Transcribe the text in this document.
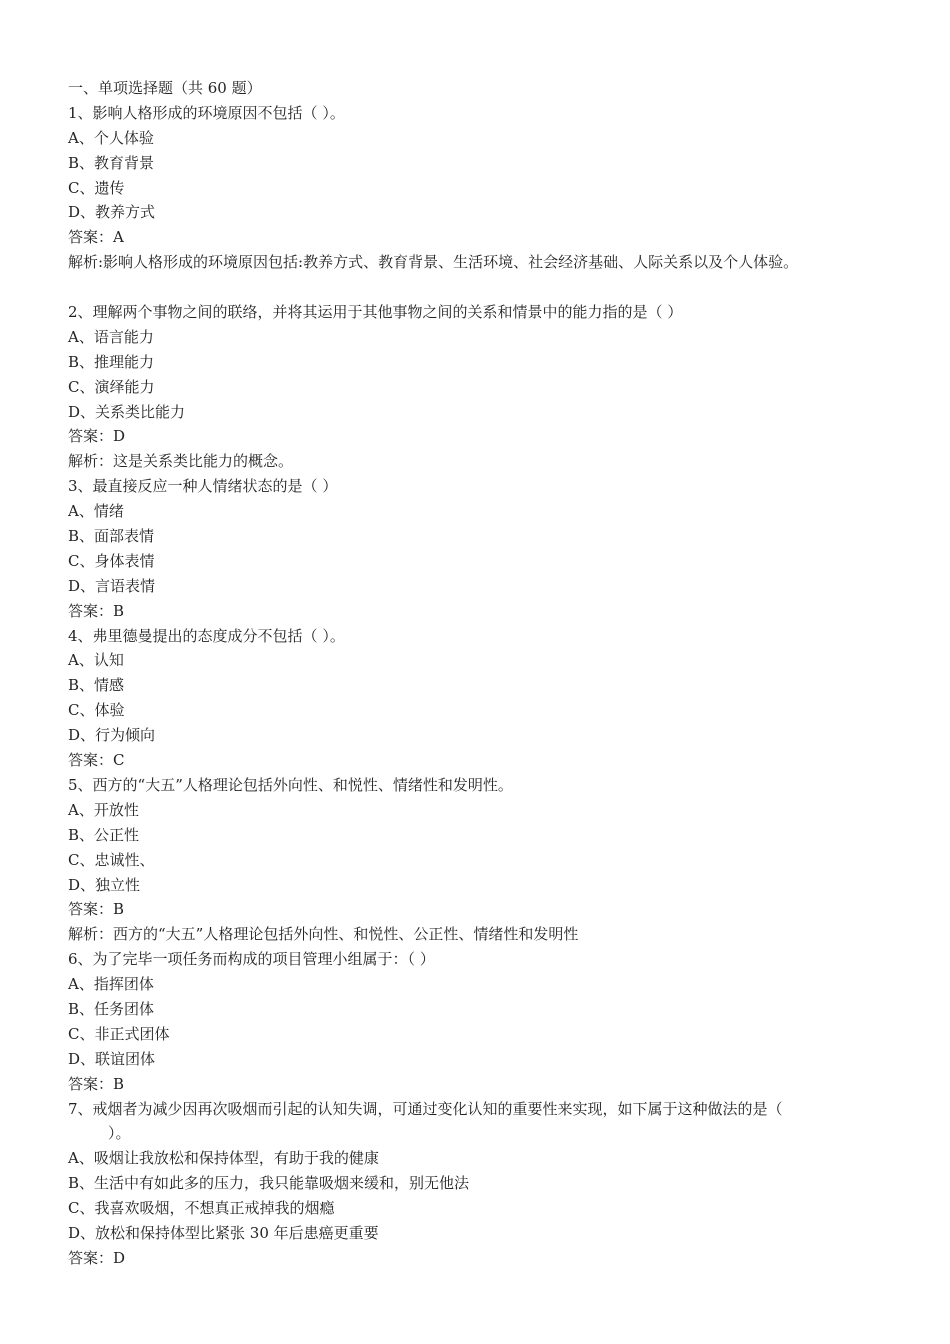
一、单项选择题（共 60 题）
1、影响人格形成的环境原因不包括（ ）。
A、个人体验
B、教育背景
C、遗传
D、教养方式
答案：A
解析:影响人格形成的环境原因包括:教养方式、教育背景、生活环境、社会经济基础、人际关系以及个人体验。
2、理解两个事物之间的联络，并将其运用于其他事物之间的关系和情景中的能力指的是（ ）
A、语言能力
B、推理能力
C、演绎能力
D、关系类比能力
答案：D
解析：这是关系类比能力的概念。
3、最直接反应一种人情绪状态的是（ ）
A、情绪
B、面部表情
C、身体表情
D、言语表情
答案：B
4、弗里德曼提出的态度成分不包括（ ）。
A、认知
B、情感
C、体验
D、行为倾向
答案：C
5、西方的“大五”人格理论包括外向性、和悦性、情绪性和发明性。
A、开放性
B、公正性
C、忠诚性、
D、独立性
答案：B
解析：西方的“大五”人格理论包括外向性、和悦性、公正性、情绪性和发明性
6、为了完毕一项任务而构成的项目管理小组属于：（ ）
A、指挥团体
B、任务团体
C、非正式团体
D、联谊团体
答案：B
7、戒烟者为减少因再次吸烟而引起的认知失调，可通过变化认知的重要性来实现，如下属于这种做法的是（
）。
A、吸烟让我放松和保持体型，有助于我的健康
B、生活中有如此多的压力，我只能靠吸烟来缓和，别无他法
C、我喜欢吸烟，不想真正戒掉我的烟瘾
D、放松和保持体型比紧张 30 年后患癌更重要
答案：D
